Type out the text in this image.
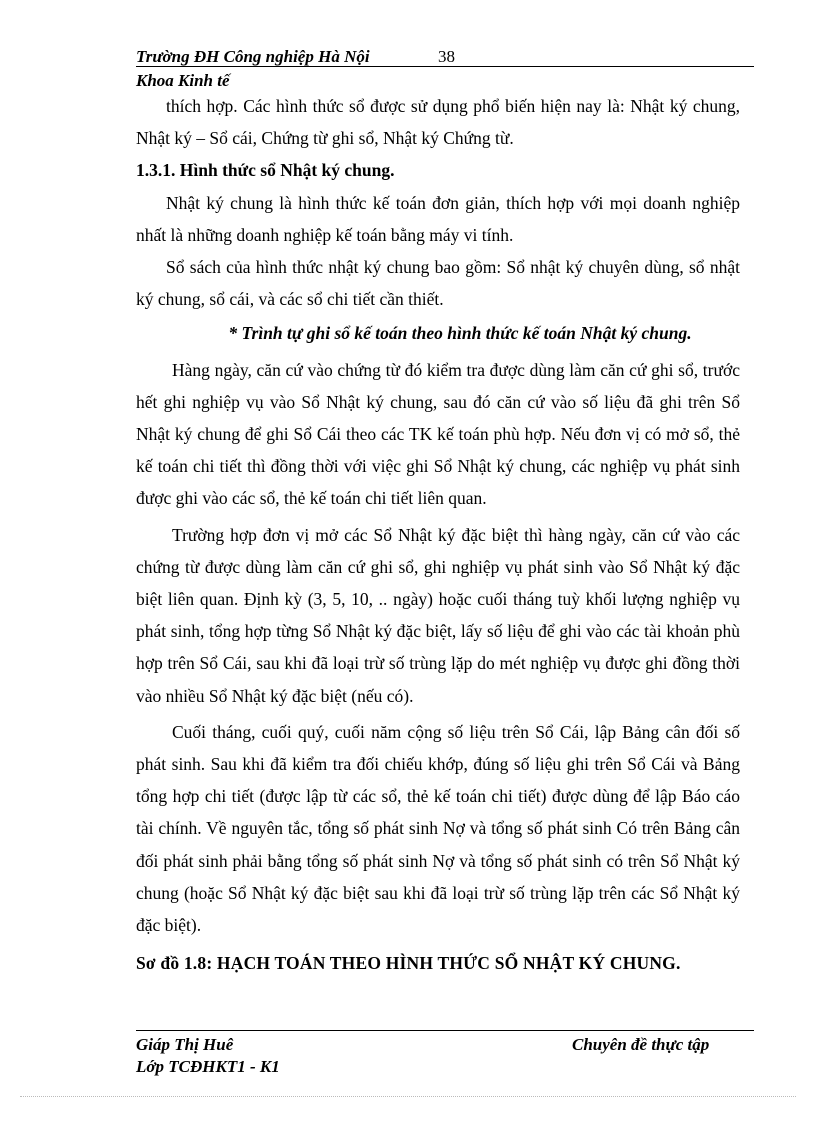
Trường ĐH Công nghiệp Hà Nội	38
Khoa Kinh tế

thích hợp. Các hình thức sổ được sử dụng phổ biến hiện nay là: Nhật ký chung, Nhật ký – Sổ cái, Chứng từ ghi sổ, Nhật ký Chứng từ.

1.3.1. Hình thức sổ Nhật ký chung.

Nhật ký chung là hình thức kế toán đơn giản, thích hợp với mọi doanh nghiệp nhất là những doanh nghiệp kế toán bằng máy vi tính.

Sổ sách của hình thức nhật ký chung bao gồm: Sổ nhật ký chuyên dùng, sổ nhật ký chung, sổ cái, và các sổ chi tiết cần thiết.

* Trình tự ghi sổ kế toán theo hình thức kế toán Nhật ký chung.

Hàng ngày, căn cứ vào chứng từ đó kiểm tra được dùng làm căn cứ ghi sổ, trước hết ghi nghiệp vụ vào Sổ Nhật ký chung, sau đó căn cứ vào số liệu đã ghi trên Sổ Nhật ký chung để ghi Sổ Cái theo các TK kế toán phù hợp. Nếu đơn vị có mở sổ, thẻ kế toán chi tiết thì đồng thời với việc ghi Sổ Nhật ký chung, các nghiệp vụ phát sinh được ghi vào các sổ, thẻ kế toán chi tiết liên quan.

Trường hợp đơn vị mở các Sổ Nhật ký đặc biệt thì hàng ngày, căn cứ vào các chứng từ được dùng làm căn cứ ghi sổ, ghi nghiệp vụ phát sinh vào Sổ Nhật ký đặc biệt liên quan. Định kỳ (3, 5, 10, .. ngày) hoặc cuối tháng tuỳ khối lượng nghiệp vụ phát sinh, tổng hợp từng Sổ Nhật ký đặc biệt, lấy số liệu để ghi vào các tài khoản phù hợp trên Sổ Cái, sau khi đã loại trừ số trùng lặp do mét nghiệp vụ được ghi đồng thời vào nhiều Sổ Nhật ký đặc biệt (nếu có).

Cuối tháng, cuối quý, cuối năm cộng số liệu trên Sổ Cái, lập Bảng cân đối số phát sinh. Sau khi đã kiểm tra đối chiếu khớp, đúng số liệu ghi trên Sổ Cái và Bảng tổng hợp chi tiết (được lập từ các sổ, thẻ kế toán chi tiết) được dùng để lập Báo cáo tài chính. Về nguyên tắc, tổng số phát sinh Nợ và tổng số phát sinh Có trên Bảng cân đối phát sinh phải bằng tổng số phát sinh Nợ và tổng số phát sinh có trên Sổ Nhật ký chung (hoặc Sổ Nhật ký đặc biệt sau khi đã loại trừ số trùng lặp trên các Sổ Nhật ký đặc biệt).

Sơ đồ 1.8: HẠCH TOÁN THEO HÌNH THỨC SỔ NHẬT KÝ CHUNG.

Giáp Thị Huê	Chuyên đề thực tập
Lớp TCĐHKT1 - K1
